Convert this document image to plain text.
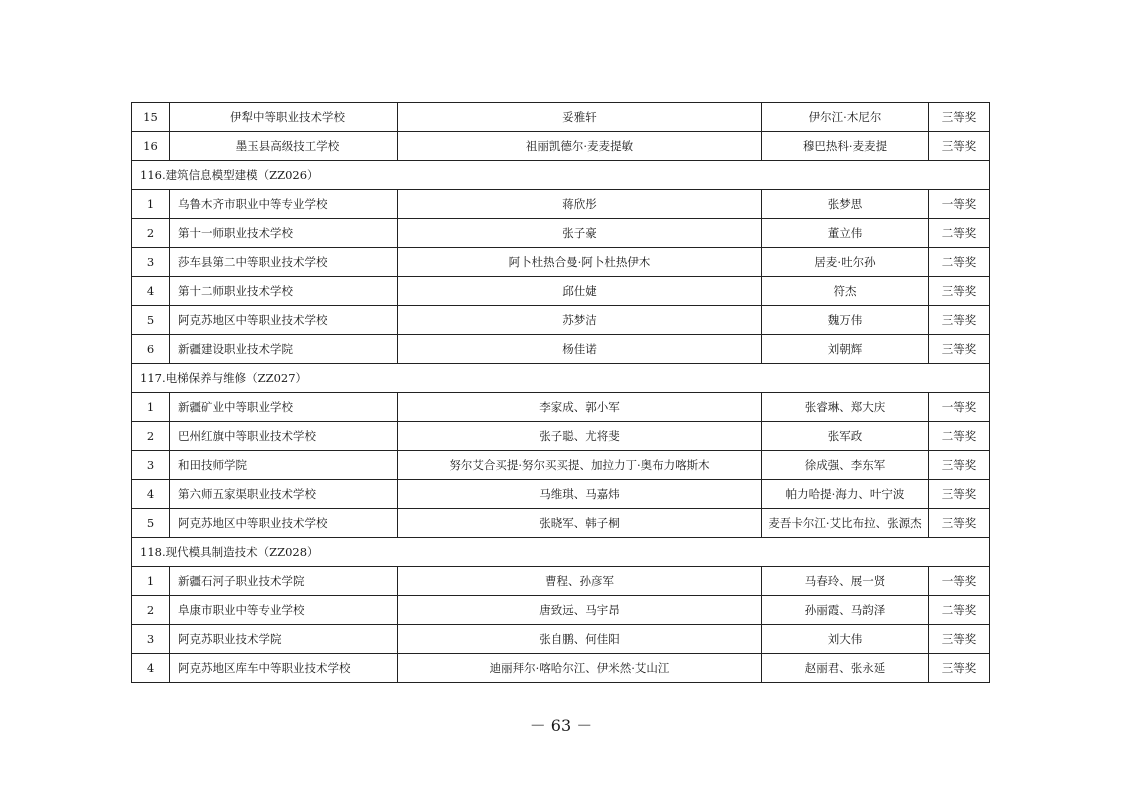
15	伊犁中等职业技术学校	妥雅轩	伊尔江·木尼尔	三等奖
16	墨玉县高级技工学校	祖丽凯德尔·麦麦提敏	穆巴热科·麦麦提	三等奖
116.建筑信息模型建模（ZZ026）				
1	乌鲁木齐市职业中等专业学校	蒋欣彤	张梦思	一等奖
2	第十一师职业技术学校	张子豪	董立伟	二等奖
3	莎车县第二中等职业技术学校	阿卜杜热合曼·阿卜杜热伊木	居麦·吐尔孙	二等奖
4	第十二师职业技术学校	邱仕婕	符杰	三等奖
5	阿克苏地区中等职业技术学校	苏梦洁	魏万伟	三等奖
6	新疆建设职业技术学院	杨佳诺	刘朝辉	三等奖
117.电梯保养与维修（ZZ027）				
1	新疆矿业中等职业学校	李家成、郭小军	张睿琳、郑大庆	一等奖
2	巴州红旗中等职业技术学校	张子聪、尤将斐	张军政	二等奖
3	和田技师学院	努尔艾合买提·努尔买买提、加拉力丁·奥布力喀斯木	徐成强、李东军	三等奖
4	第六师五家渠职业技术学校	马维琪、马嘉炜	帕力哈提·海力、叶宁波	三等奖
5	阿克苏地区中等职业技术学校	张晓军、韩子桐	麦吾卡尔江·艾比布拉、张源杰	三等奖
118.现代模具制造技术（ZZ028）				
1	新疆石河子职业技术学院	曹程、孙彦军	马春玲、展一贤	一等奖
2	阜康市职业中等专业学校	唐致远、马宇昂	孙丽霞、马韵泽	二等奖
3	阿克苏职业技术学院	张自鹏、何佳阳	刘大伟	三等奖
4	阿克苏地区库车中等职业技术学校	迪丽拜尔·喀哈尔江、伊米然·艾山江	赵丽君、张永延	三等奖
－ 63 －
